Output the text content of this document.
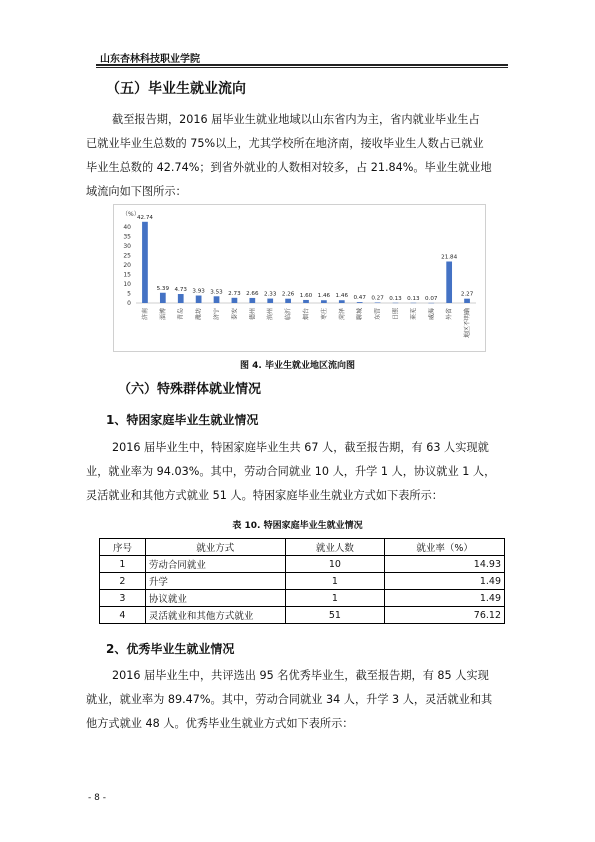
山东杏林科技职业学院
（五）毕业生就业流向

截至报告期，2016 届毕业生就业地域以山东省内为主，省内就业毕业生占

已就业毕业生总数的 75%以上，尤其学校所在地济南，接收毕业生人数占已就业

毕业生总数的 42.74%；到省外就业的人数相对较多，占 21.84%。毕业生就业地

域流向如下图所示：

（%）
0
5
10
15
20
25
30
35
40
42.74
济南
5.39
淄博
4.73
青岛
3.93
潍坊
3.53
济宁
2.73
泰安
2.66
德州
2.33
滨州
2.26
临沂
1.60
烟台
1.46
枣庄
1.46
菏泽
0.47
聊城
0.27
东营
0.13
日照
0.13
莱芜
0.07
威海
21.84
外省
2.27
地区不明确
图 4. 毕业生就业地区流向图
（六）特殊群体就业情况
1、特困家庭毕业生就业情况

2016 届毕业生中，特困家庭毕业生共 67 人，截至报告期，有 63 人实现就

业，就业率为 94.03%。其中，劳动合同就业 10 人，升学 1 人，协议就业 1 人，

灵活就业和其他方式就业 51 人。特困家庭毕业生就业方式如下表所示：

表 10. 特困家庭毕业生就业情况
序号	就业方式	就业人数	就业率（%）
1	劳动合同就业	10	14.93
2	升学	1	1.49
3	协议就业	1	1.49
4	灵活就业和其他方式就业	51	76.12
2、优秀毕业生就业情况

2016 届毕业生中，共评选出 95 名优秀毕业生，截至报告期，有 85 人实现

就业，就业率为 89.47%。其中，劳动合同就业 34 人，升学 3 人，灵活就业和其

他方式就业 48 人。优秀毕业生就业方式如下表所示：

- 8 -
